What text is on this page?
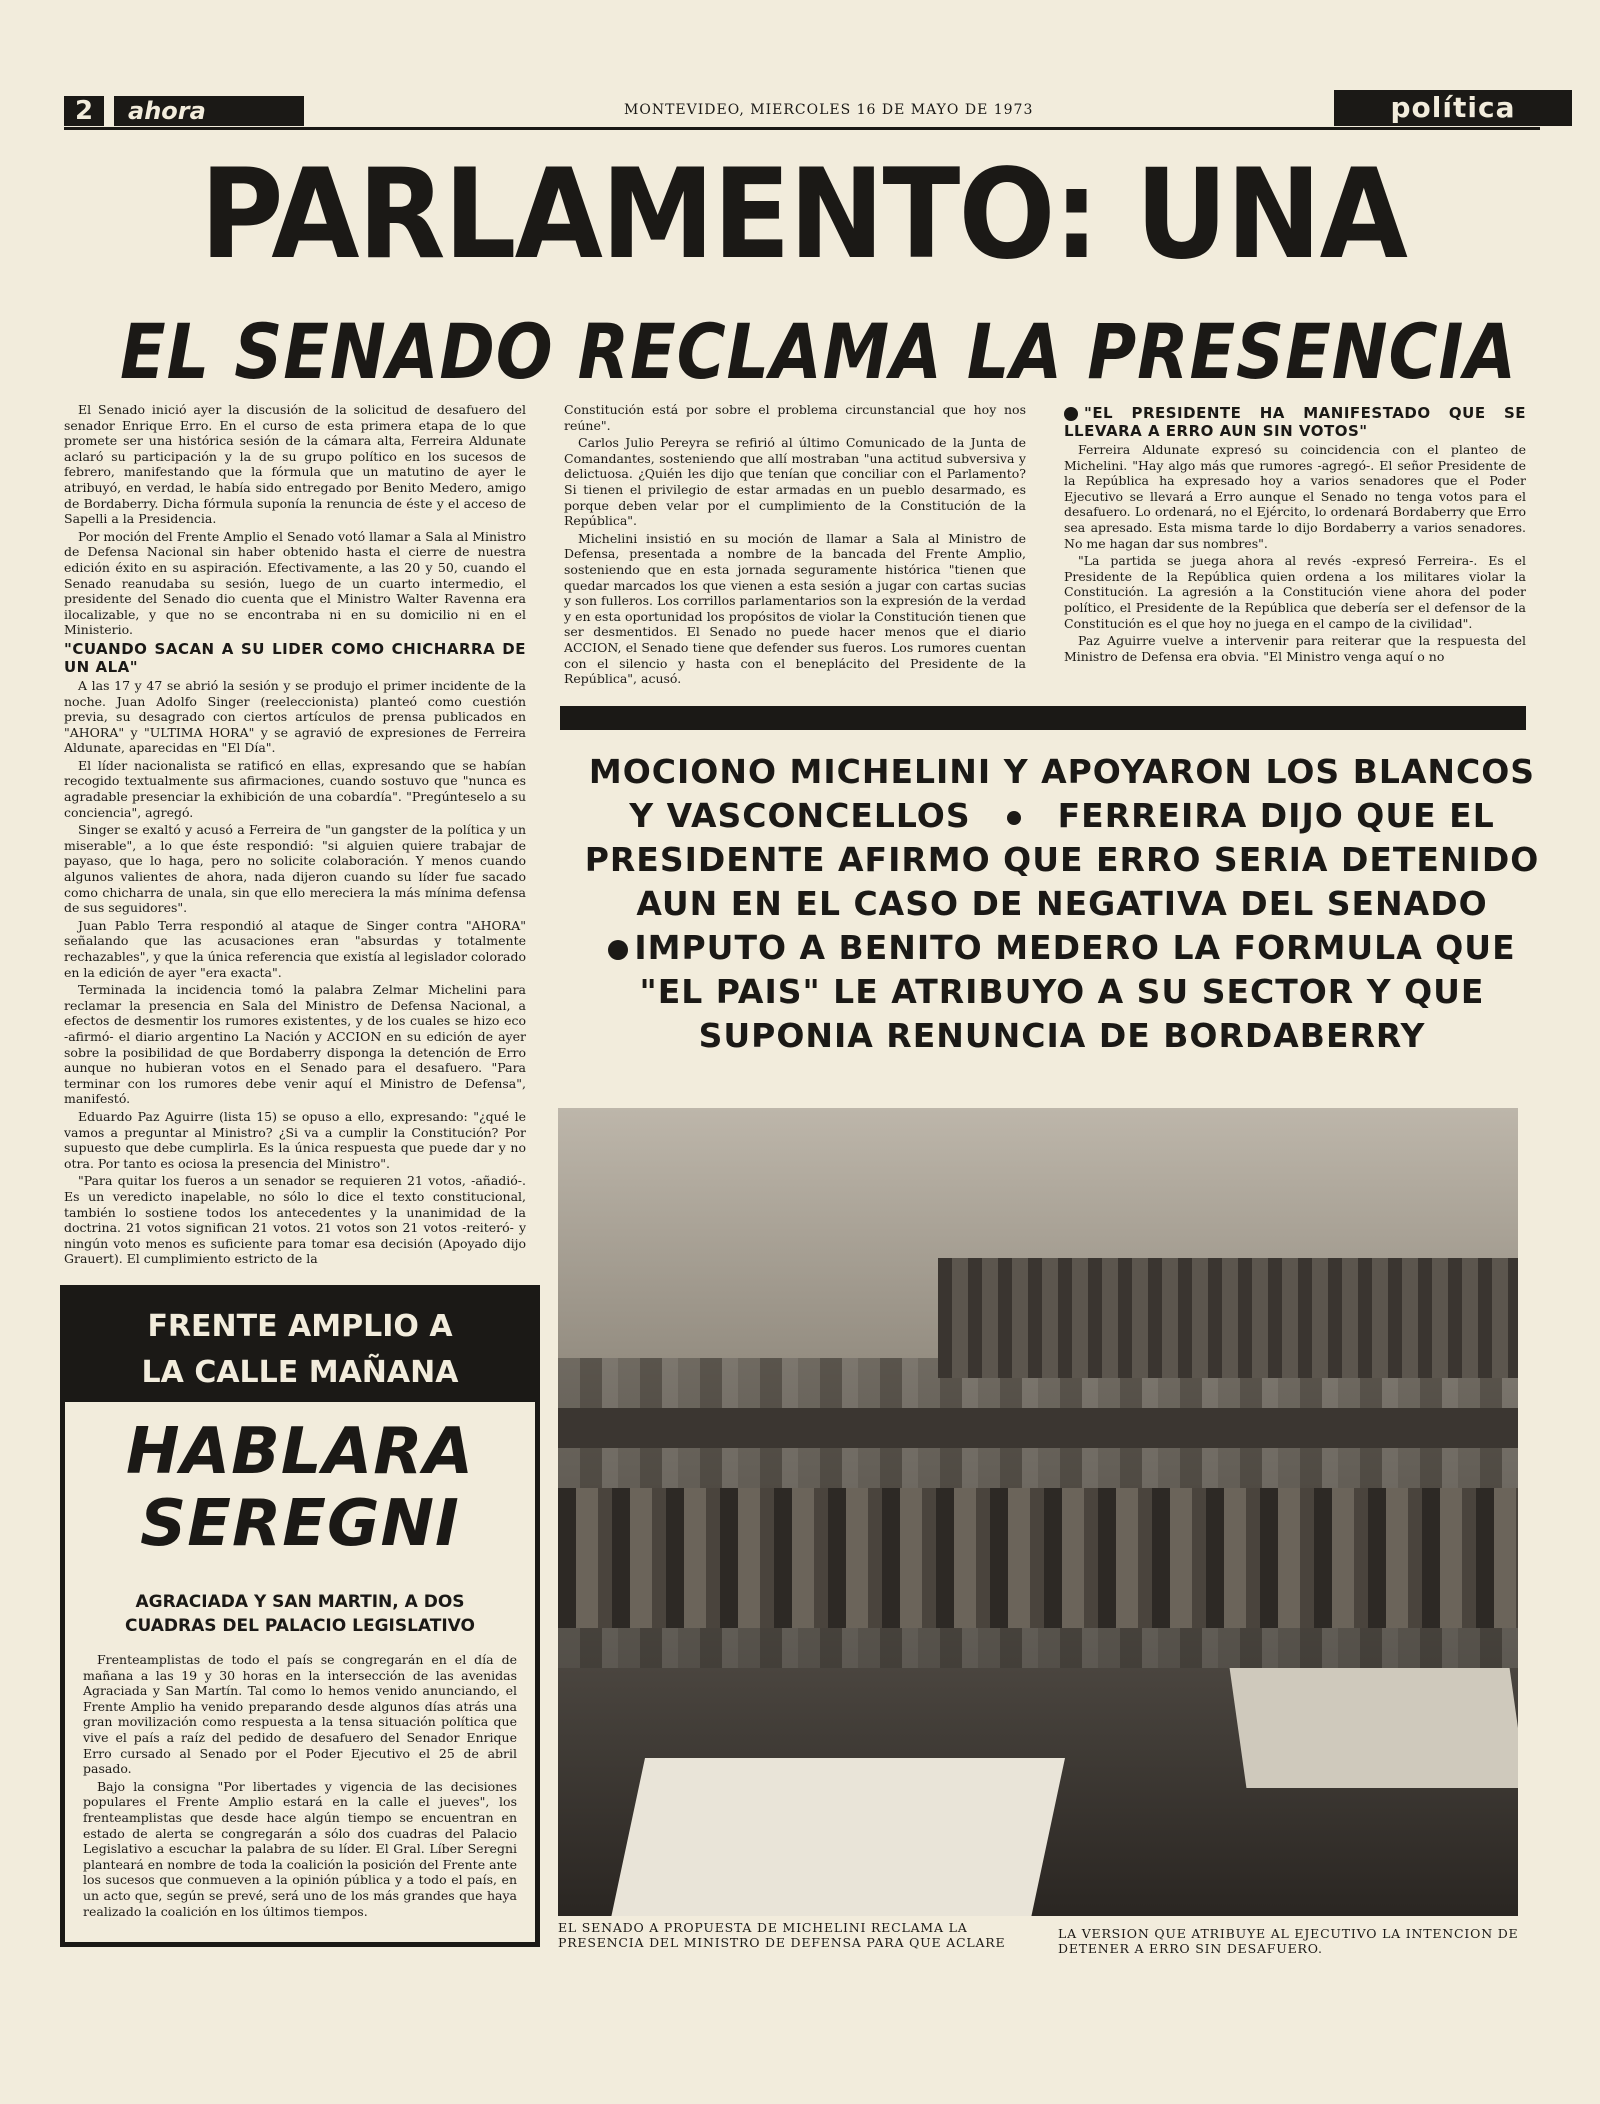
2	ahora	MONTEVIDEO, MIERCOLES 16 DE MAYO DE 1973	política
PARLAMENTO: UNA
EL SENADO RECLAMA LA PRESENCIA

El Senado inició ayer la discusión de la solicitud de desafuero del senador Enrique Erro. En el curso de esta primera etapa de lo que promete ser una histórica sesión de la cámara alta, Ferreira Aldunate aclaró su participación y la de su grupo político en los sucesos de febrero, manifestando que la fórmula que un matutino de ayer le atribuyó, en verdad, le había sido entregado por Benito Medero, amigo de Bordaberry. Dicha fórmula suponía la renuncia de éste y el acceso de Sapelli a la Presidencia.

Por moción del Frente Amplio el Senado votó llamar a Sala al Ministro de Defensa Nacional sin haber obtenido hasta el cierre de nuestra edición éxito en su aspiración. Efectivamente, a las 20 y 50, cuando el Senado reanudaba su sesión, luego de un cuarto intermedio, el presidente del Senado dio cuenta que el Ministro Walter Ravenna era ilocalizable, y que no se encontraba ni en su domicilio ni en el Ministerio.

"CUANDO SACAN A SU LIDER COMO CHICHARRA DE UN ALA"

A las 17 y 47 se abrió la sesión y se produjo el primer incidente de la noche. Juan Adolfo Singer (reeleccionista) planteó como cuestión previa, su desagrado con ciertos artículos de prensa publicados en "AHORA" y "ULTIMA HORA" y se agravió de expresiones de Ferreira Aldunate, aparecidas en "El Día".

El líder nacionalista se ratificó en ellas, expresando que se habían recogido textualmente sus afirmaciones, cuando sostuvo que "nunca es agradable presenciar la exhibición de una cobardía". "Pregúnteselo a su conciencia", agregó.

Singer se exaltó y acusó a Ferreira de "un gangster de la política y un miserable", a lo que éste respondió: "si alguien quiere trabajar de payaso, que lo haga, pero no solicite colaboración. Y menos cuando algunos valientes de ahora, nada dijeron cuando su líder fue sacado como chicharra de unala, sin que ello mereciera la más mínima defensa de sus seguidores".

Juan Pablo Terra respondió al ataque de Singer contra "AHORA" señalando que las acusaciones eran "absurdas y totalmente rechazables", y que la única referencia que existía al legislador colorado en la edición de ayer "era exacta".

Terminada la incidencia tomó la palabra Zelmar Michelini para reclamar la presencia en Sala del Ministro de Defensa Nacional, a efectos de desmentir los rumores existentes, y de los cuales se hizo eco -afirmó- el diario argentino La Nación y ACCION en su edición de ayer sobre la posibilidad de que Bordaberry disponga la detención de Erro aunque no hubieran votos en el Senado para el desafuero. "Para terminar con los rumores debe venir aquí el Ministro de Defensa", manifestó.

Eduardo Paz Aguirre (lista 15) se opuso a ello, expresando: "¿qué le vamos a preguntar al Ministro? ¿Si va a cumplir la Constitución? Por supuesto que debe cumplirla. Es la única respuesta que puede dar y no otra. Por tanto es ociosa la presencia del Ministro".

"Para quitar los fueros a un senador se requieren 21 votos, -añadió-. Es un veredicto inapelable, no sólo lo dice el texto constitucional, también lo sostiene todos los antecedentes y la unanimidad de la doctrina. 21 votos significan 21 votos. 21 votos son 21 votos -reiteró- y ningún voto menos es suficiente para tomar esa decisión (Apoyado dijo Grauert). El cumplimiento estricto de la

Constitución está por sobre el problema circunstancial que hoy nos reúne".

Carlos Julio Pereyra se refirió al último Comunicado de la Junta de Comandantes, sosteniendo que allí mostraban "una actitud subversiva y delictuosa. ¿Quién les dijo que tenían que conciliar con el Parlamento? Si tienen el privilegio de estar armadas en un pueblo desarmado, es porque deben velar por el cumplimiento de la Constitución de la República".

Michelini insistió en su moción de llamar a Sala al Ministro de Defensa, presentada a nombre de la bancada del Frente Amplio, sosteniendo que en esta jornada seguramente histórica "tienen que quedar marcados los que vienen a esta sesión a jugar con cartas sucias y son fulleros. Los corrillos parlamentarios son la expresión de la verdad y en esta oportunidad los propósitos de violar la Constitución tienen que ser desmentidos. El Senado no puede hacer menos que el diario ACCION, el Senado tiene que defender sus fueros. Los rumores cuentan con el silencio y hasta con el beneplácito del Presidente de la República", acusó.

"EL PRESIDENTE HA MANIFESTADO QUE SE LLEVARA A ERRO AUN SIN VOTOS"

Ferreira Aldunate expresó su coincidencia con el planteo de Michelini. "Hay algo más que rumores -agregó-. El señor Presidente de la República ha expresado hoy a varios senadores que el Poder Ejecutivo se llevará a Erro aunque el Senado no tenga votos para el desafuero. Lo ordenará, no el Ejército, lo ordenará Bordaberry que Erro sea apresado. Esta misma tarde lo dijo Bordaberry a varios senadores. No me hagan dar sus nombres".

"La partida se juega ahora al revés -expresó Ferreira-. Es el Presidente de la República quien ordena a los militares violar la Constitución. La agresión a la Constitución viene ahora del poder político, el Presidente de la República que debería ser el defensor de la Constitución es el que hoy no juega en el campo de la civilidad".

Paz Aguirre vuelve a intervenir para reiterar que la respuesta del Ministro de Defensa era obvia. "El Ministro venga aquí o no

MOCIONO MICHELINI Y APOYARON LOS BLANCOS
Y VASCONCELLOS	FERREIRA DIJO QUE EL
PRESIDENTE AFIRMO QUE ERRO SERIA DETENIDO
AUN EN EL CASO DE NEGATIVA DEL SENADO
IMPUTO A BENITO MEDERO LA FORMULA QUE
"EL PAIS" LE ATRIBUYO A SU SECTOR Y QUE
SUPONIA RENUNCIA DE BORDABERRY
EL SENADO A PROPUESTA DE MICHELINI RECLAMA LA PRESENCIA DEL MINISTRO DE DEFENSA PARA QUE ACLARE
LA VERSION QUE ATRIBUYE AL EJECUTIVO LA INTENCION DE DETENER A ERRO SIN DESAFUERO.
FRENTE AMPLIO A
LA CALLE MAÑANA
HABLARA
SEREGNI
AGRACIADA Y SAN MARTIN, A DOS
CUADRAS DEL PALACIO LEGISLATIVO

Frenteamplistas de todo el país se congregarán en el día de mañana a las 19 y 30 horas en la intersección de las avenidas Agraciada y San Martín. Tal como lo hemos venido anunciando, el Frente Amplio ha venido preparando desde algunos días atrás una gran movilización como respuesta a la tensa situación política que vive el país a raíz del pedido de desafuero del Senador Enrique Erro cursado al Senado por el Poder Ejecutivo el 25 de abril pasado.

Bajo la consigna "Por libertades y vigencia de las decisiones populares el Frente Amplio estará en la calle el jueves", los frenteamplistas que desde hace algún tiempo se encuentran en estado de alerta se congregarán a sólo dos cuadras del Palacio Legislativo a escuchar la palabra de su líder. El Gral. Líber Seregni planteará en nombre de toda la coalición la posición del Frente ante los sucesos que conmueven a la opinión pública y a todo el país, en un acto que, según se prevé, será uno de los más grandes que haya realizado la coalición en los últimos tiempos.
